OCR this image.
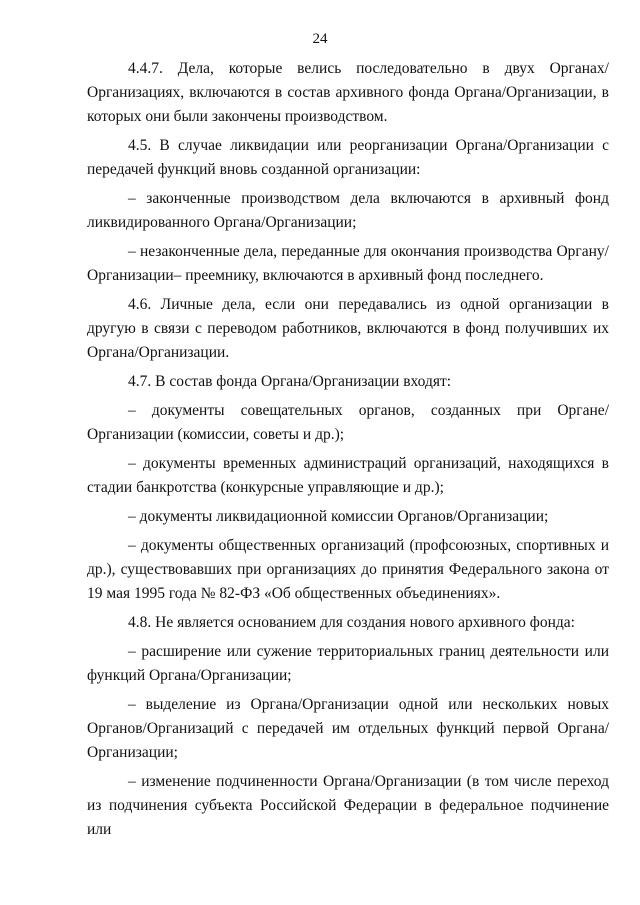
24

4.4.7. Дела, которые велись последовательно в двух Органах/Организациях, включаются в состав архивного фонда Органа/Организации, в которых они были закончены производством.

4.5. В случае ликвидации или реорганизации Органа/Организации с передачей функций вновь созданной организации:

– законченные производством дела включаются в архивный фонд ликвидированного Органа/Организации;

– незаконченные дела, переданные для окончания производства Органу/Организации– преемнику, включаются в архивный фонд последнего.

4.6. Личные дела, если они передавались из одной организации в другую в связи с переводом работников, включаются в фонд получивших их Органа/Организации.

4.7. В состав фонда Органа/Организации входят:

– документы совещательных органов, созданных при Органе/Организации (комиссии, советы и др.);

– документы временных администраций организаций, находящихся в стадии банкротства (конкурсные управляющие и др.);

– документы ликвидационной комиссии Органов/Организации;

– документы общественных организаций (профсоюзных, спортивных и др.), существовавших при организациях до принятия Федерального закона от 19 мая 1995 года № 82-ФЗ «Об общественных объединениях».

4.8. Не является основанием для создания нового архивного фонда:

– расширение или сужение территориальных границ деятельности или функций Органа/Организации;

– выделение из Органа/Организации одной или нескольких новых Органов/Организаций с передачей им отдельных функций первой Органа/Организации;

– изменение подчиненности Органа/Организации (в том числе переход из подчинения субъекта Российской Федерации в федеральное подчинение или
